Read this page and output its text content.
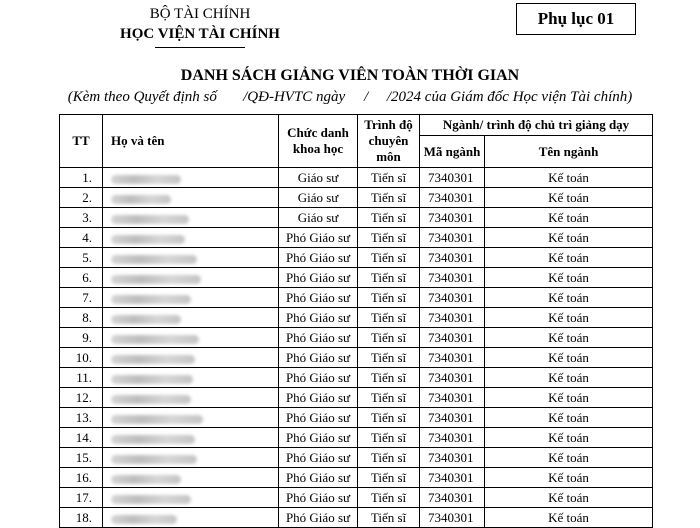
BỘ TÀI CHÍNH
HỌC VIỆN TÀI CHÍNH
Phụ lục 01
DANH SÁCH GIẢNG VIÊN TOÀN THỜI GIAN
(Kèm theo Quyết định số       /QĐ-HVTC ngày     /     /2024 của Giám đốc Học viện Tài chính)
TT	Họ và tên	Chức danh khoa học	Trình độ chuyên môn	Ngành/ trình độ chủ trì giảng dạy	
				Mã ngành	Tên ngành
1.		Giáo sư	Tiến sĩ	7340301	Kế toán
2.		Giáo sư	Tiến sĩ	7340301	Kế toán
3.		Giáo sư	Tiến sĩ	7340301	Kế toán
4.		Phó Giáo sư	Tiến sĩ	7340301	Kế toán
5.		Phó Giáo sư	Tiến sĩ	7340301	Kế toán
6.		Phó Giáo sư	Tiến sĩ	7340301	Kế toán
7.		Phó Giáo sư	Tiến sĩ	7340301	Kế toán
8.		Phó Giáo sư	Tiến sĩ	7340301	Kế toán
9.		Phó Giáo sư	Tiến sĩ	7340301	Kế toán
10.		Phó Giáo sư	Tiến sĩ	7340301	Kế toán
11.		Phó Giáo sư	Tiến sĩ	7340301	Kế toán
12.		Phó Giáo sư	Tiến sĩ	7340301	Kế toán
13.		Phó Giáo sư	Tiến sĩ	7340301	Kế toán
14.		Phó Giáo sư	Tiến sĩ	7340301	Kế toán
15.		Phó Giáo sư	Tiến sĩ	7340301	Kế toán
16.		Phó Giáo sư	Tiến sĩ	7340301	Kế toán
17.		Phó Giáo sư	Tiến sĩ	7340301	Kế toán
18.		Phó Giáo sư	Tiến sĩ	7340301	Kế toán
